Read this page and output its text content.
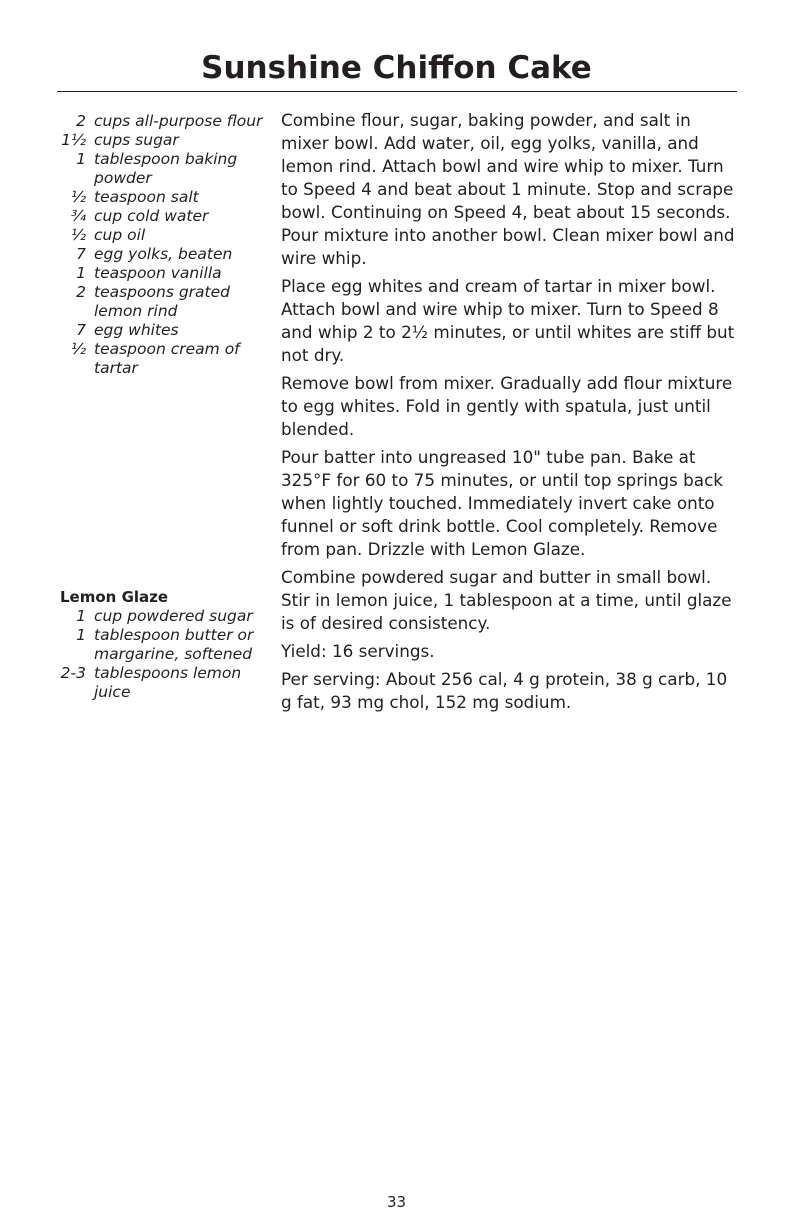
Sunshine Chiffon Cake
2 cups all-purpose flour
1½ cups sugar
1 tablespoon baking powder
½ teaspoon salt
¾ cup cold water
½ cup oil
7 egg yolks, beaten
1 teaspoon vanilla
2 teaspoons grated lemon rind
7 egg whites
½ teaspoon cream of tartar
Lemon Glaze
1 cup powdered sugar
1 tablespoon butter or margarine, softened
2-3 tablespoons lemon juice

Combine flour, sugar, baking powder, and salt in mixer bowl. Add water, oil, egg yolks, vanilla, and lemon rind. Attach bowl and wire whip to mixer. Turn to Speed 4 and beat about 1 minute. Stop and scrape bowl. Continuing on Speed 4, beat about 15 seconds. Pour mixture into another bowl. Clean mixer bowl and wire whip.

Place egg whites and cream of tartar in mixer bowl. Attach bowl and wire whip to mixer. Turn to Speed 8 and whip 2 to 2½ minutes, or until whites are stiff but not dry.

Remove bowl from mixer. Gradually add flour mixture to egg whites. Fold in gently with spatula, just until blended.

Pour batter into ungreased 10" tube pan. Bake at 325°F for 60 to 75 minutes, or until top springs back when lightly touched. Immediately invert cake onto funnel or soft drink bottle. Cool completely. Remove from pan. Drizzle with Lemon Glaze.

Combine powdered sugar and butter in small bowl. Stir in lemon juice, 1 tablespoon at a time, until glaze is of desired consistency.

Yield: 16 servings.

Per serving: About 256 cal, 4 g protein, 38 g carb, 10 g fat, 93 mg chol, 152 mg sodium.

33
